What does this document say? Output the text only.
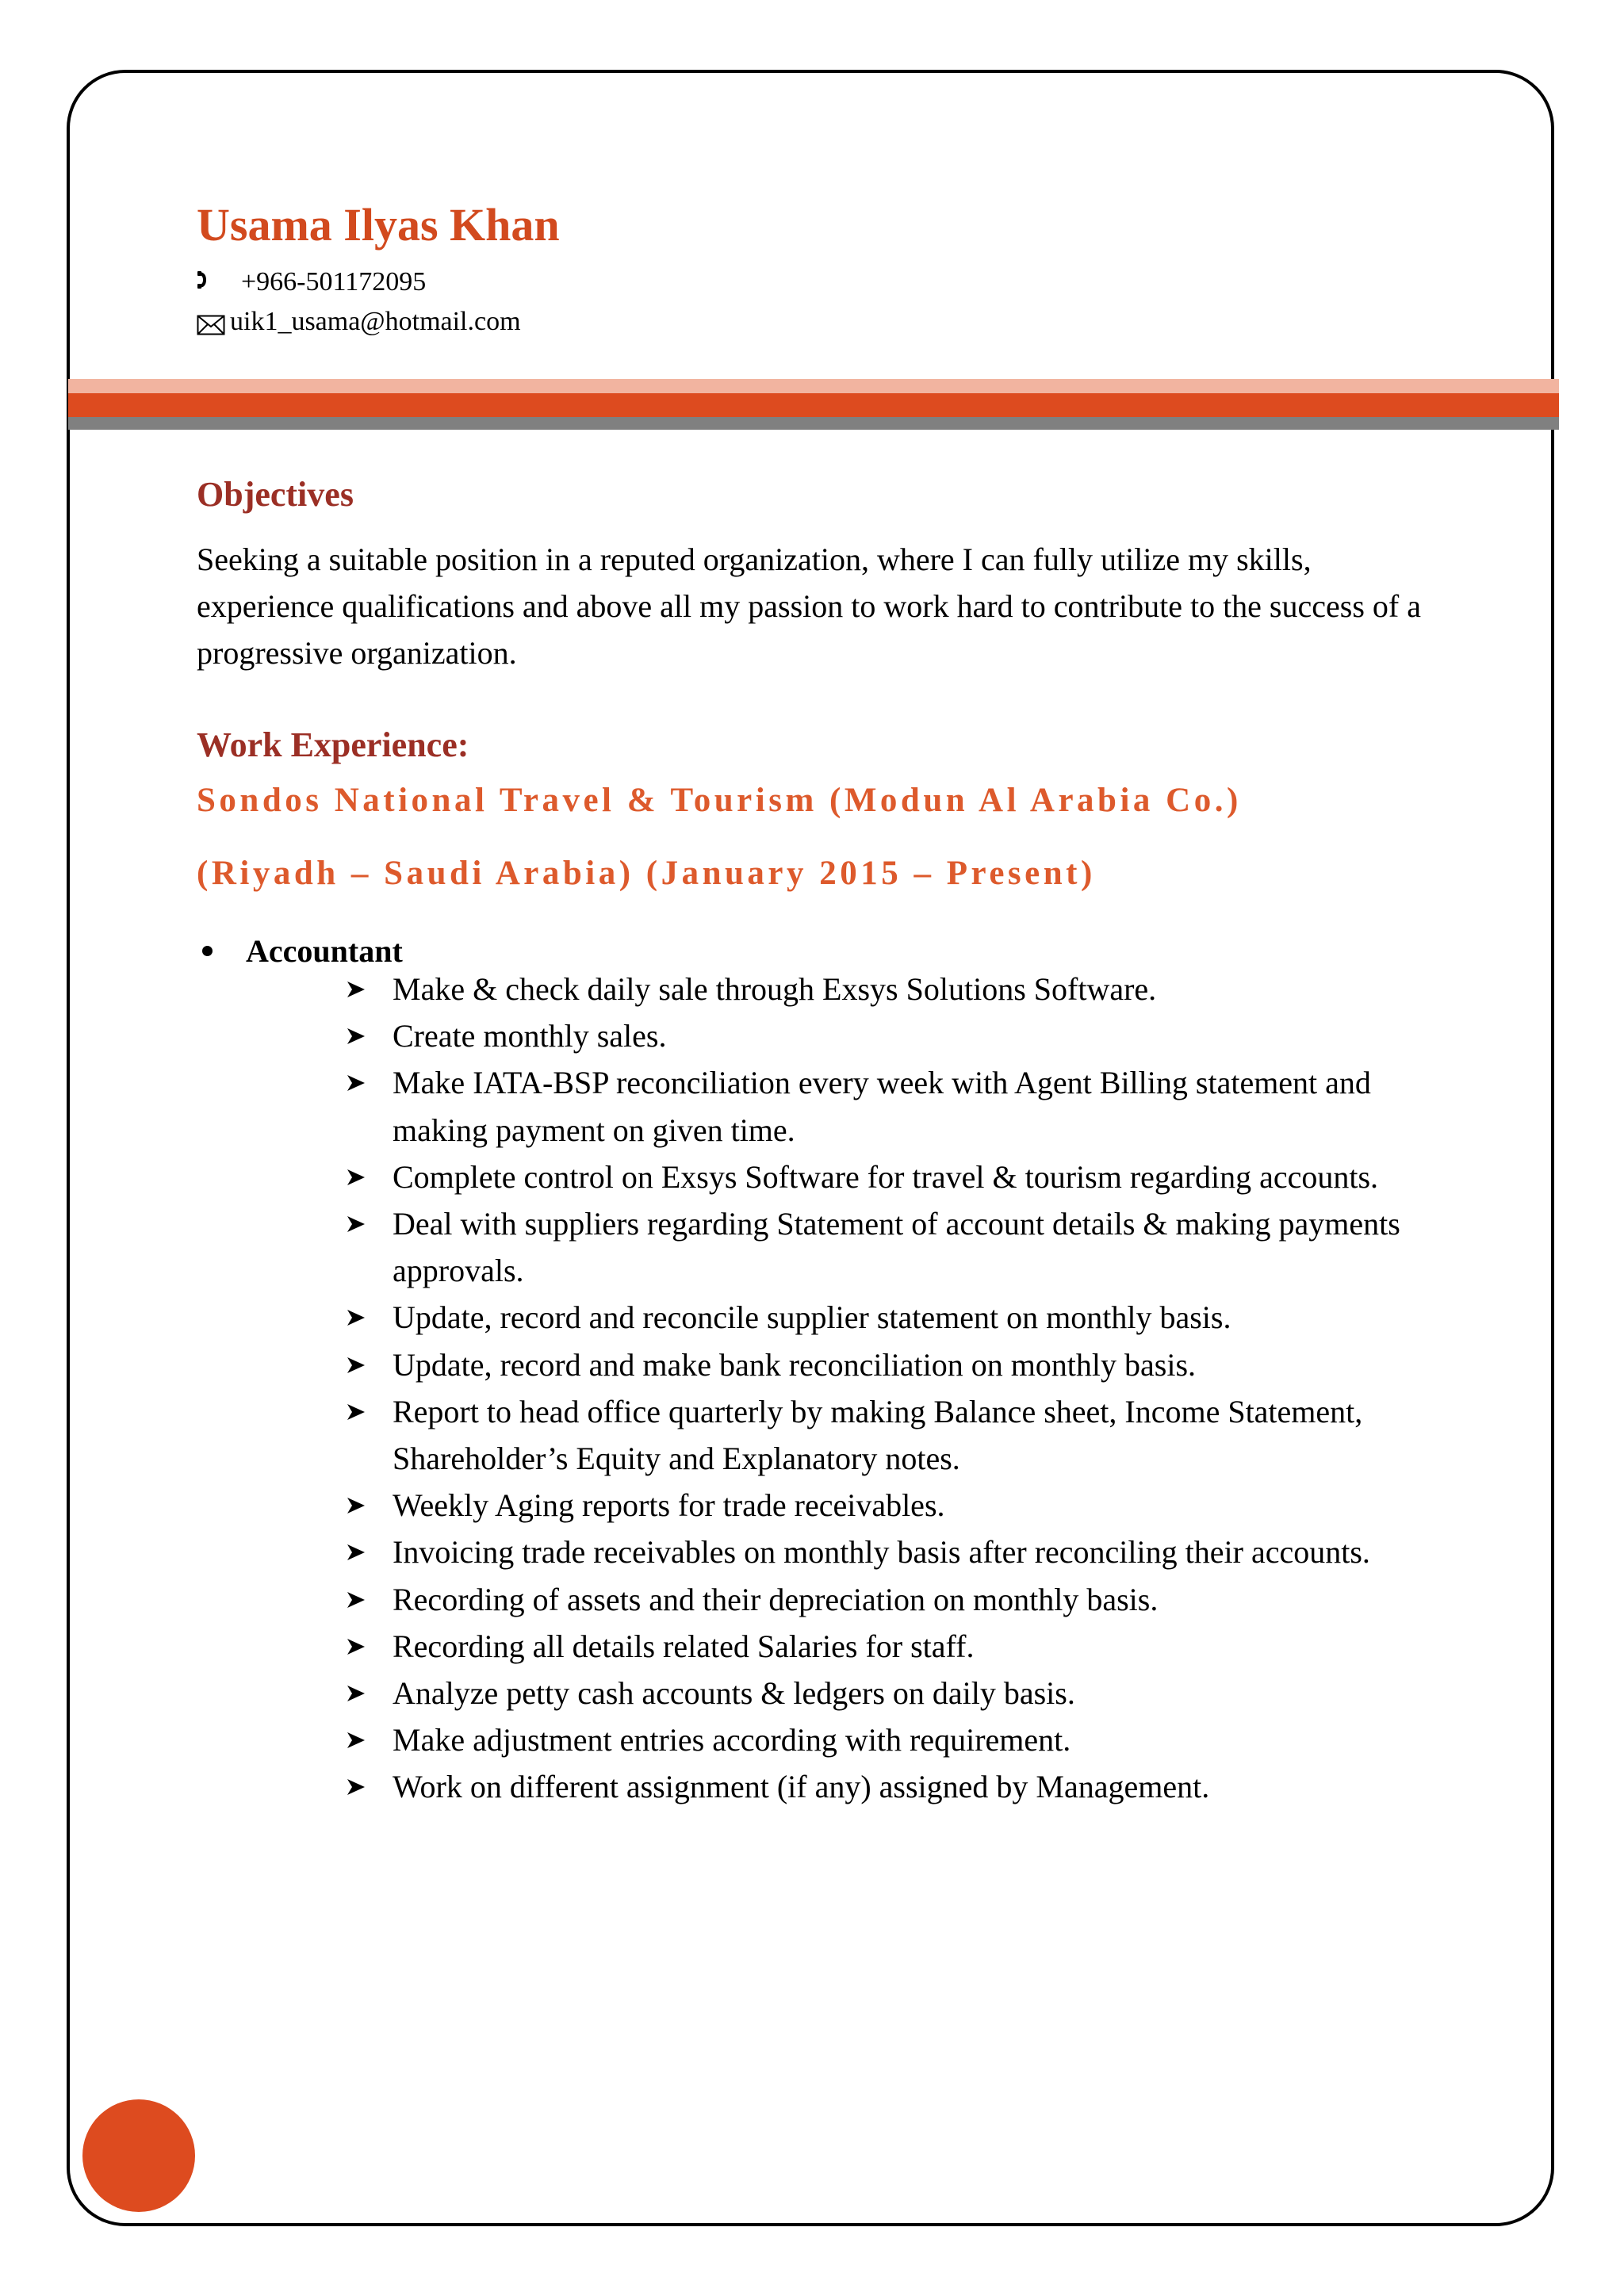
Usama Ilyas Khan
+966-501172095
uik1_usama@hotmail.com
Objectives

Seeking a suitable position in a reputed organization, where I can fully utilize my skills, experience qualifications and above all my passion to work hard to contribute to the success of a progressive organization.

Work Experience:
Sondos National Travel & Tourism (Modun Al Arabia Co.)
(Riyadh – Saudi Arabia) (January 2015 – Present)
Accountant
Make & check daily sale through Exsys Solutions Software.
Create monthly sales.
Make IATA-BSP reconciliation every week with Agent Billing statement and making payment on given time.
Complete control on Exsys Software for travel & tourism regarding accounts.
Deal with suppliers regarding Statement of account details & making payments approvals.
Update, record and reconcile supplier statement on monthly basis.
Update, record and make bank reconciliation on monthly basis.
Report to head office quarterly by making Balance sheet, Income Statement, Shareholder’s Equity and Explanatory notes.
Weekly Aging reports for trade receivables.
Invoicing trade receivables on monthly basis after reconciling their accounts.
Recording of assets and their depreciation on monthly basis.
Recording all details related Salaries for staff.
Analyze petty cash accounts & ledgers on daily basis.
Make adjustment entries according with requirement.
Work on different assignment (if any) assigned by Management.
